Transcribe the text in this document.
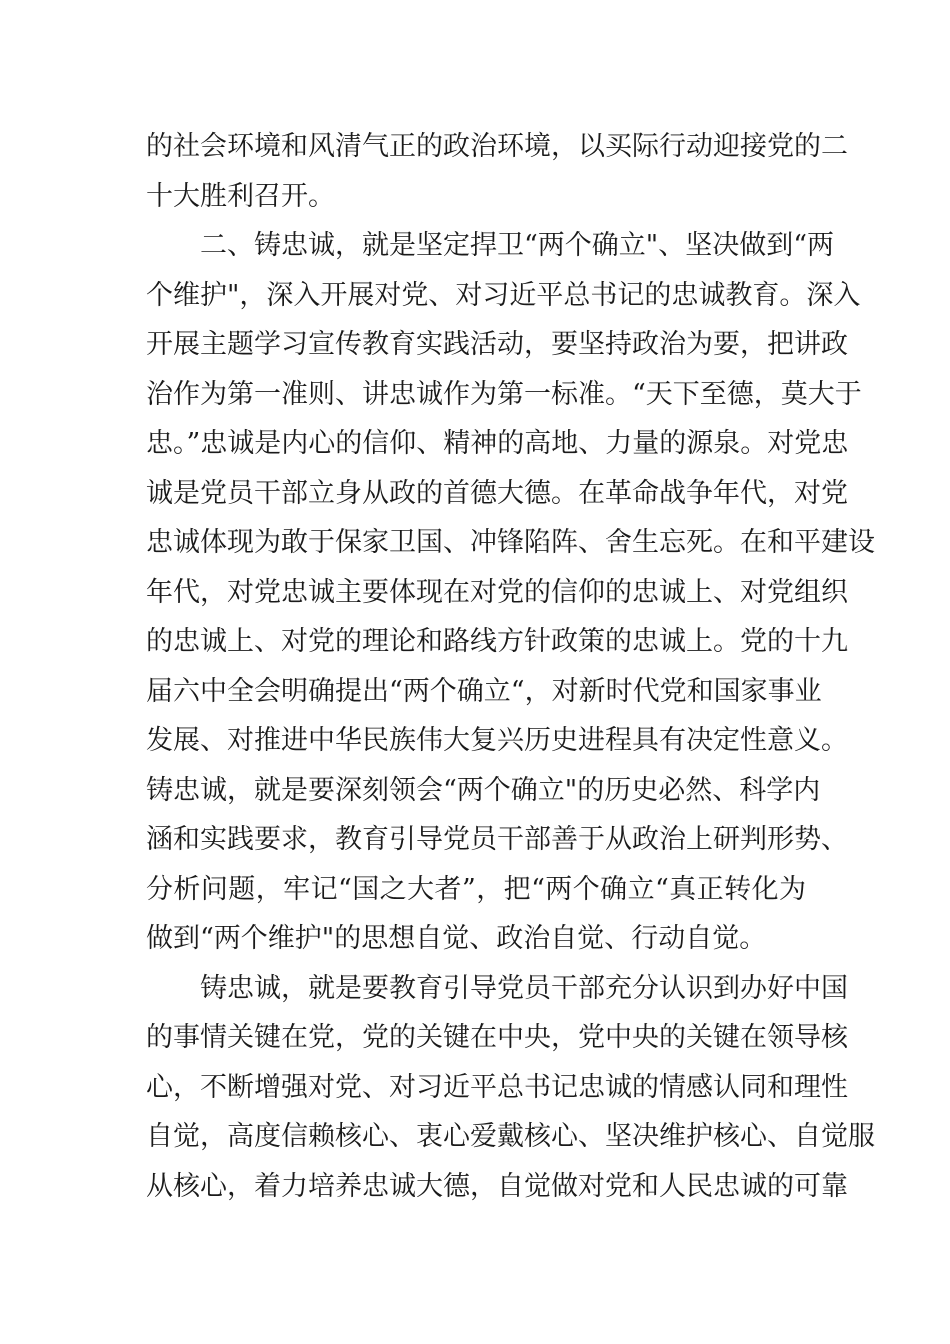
的社会环境和风清气正的政治环境，以买际行动迎接党的二
十大胜利召开。
二、铸忠诚，就是坚定捍卫“两个确立"、坚决做到“两
个维护"，深入开展对党、对习近平总书记的忠诚教育。深入
开展主题学习宣传教育实践活动，要坚持政治为要，把讲政
治作为第一准则、讲忠诚作为第一标准。“天下至德，莫大于
忠。”忠诚是内心的信仰、精神的高地、力量的源泉。对党忠
诚是党员干部立身从政的首德大德。在革命战争年代，对党
忠诚体现为敢于保家卫国、冲锋陷阵、舍生忘死。在和平建设
年代，对党忠诚主要体现在对党的信仰的忠诚上、对党组织
的忠诚上、对党的理论和路线方针政策的忠诚上。党的十九
届六中全会明确提出“两个确立“，对新时代党和国家事业
发展、对推进中华民族伟大复兴历史进程具有决定性意义。
铸忠诚，就是要深刻领会“两个确立"的历史必然、科学内
涵和实践要求，教育引导党员干部善于从政治上研判形势、
分析问题，牢记“国之大者”，把“两个确立“真正转化为
做到“两个维护"的思想自觉、政治自觉、行动自觉。
铸忠诚，就是要教育引导党员干部充分认识到办好中国
的事情关键在党，党的关键在中央，党中央的关键在领导核
心，不断增强对党、对习近平总书记忠诚的情感认同和理性
自觉，高度信赖核心、衷心爱戴核心、坚决维护核心、自觉服
从核心，着力培养忠诚大德，自觉做对党和人民忠诚的可靠
